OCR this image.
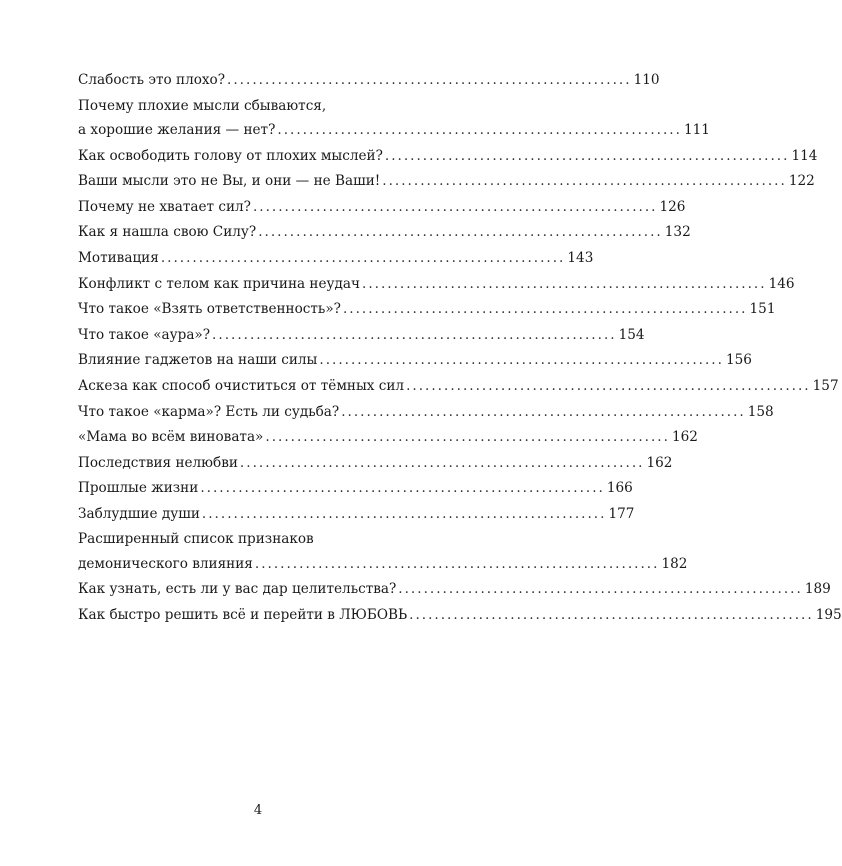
Слабость это плохо? ................................................................ 110
Почему плохие мысли сбываются,
а хорошие желания — нет? ................................................................ 111
Как освободить голову от плохих мыслей? ................................................................ 114
Ваши мысли это не Вы, и они — не Ваши! ................................................................ 122
Почему не хватает сил? ................................................................ 126
Как я нашла свою Силу? ................................................................ 132
Мотивация ................................................................ 143
Конфликт с телом как причина неудач ................................................................ 146
Что такое «Взять ответственность»? ................................................................ 151
Что такое «аура»? ................................................................ 154
Влияние гаджетов на наши силы ................................................................ 156
Аскеза как способ очиститься от тёмных сил ................................................................ 157
Что такое «карма»? Есть ли судьба? ................................................................ 158
«Мама во всём виновата» ................................................................ 162
Последствия нелюбви ................................................................ 162
Прошлые жизни ................................................................ 166
Заблудшие души ................................................................ 177
Расширенный список признаков
демонического влияния ................................................................ 182
Как узнать, есть ли у вас дар целительства? ................................................................ 189
Как быстро решить всё и перейти в ЛЮБОВЬ ................................................................ 195
4
